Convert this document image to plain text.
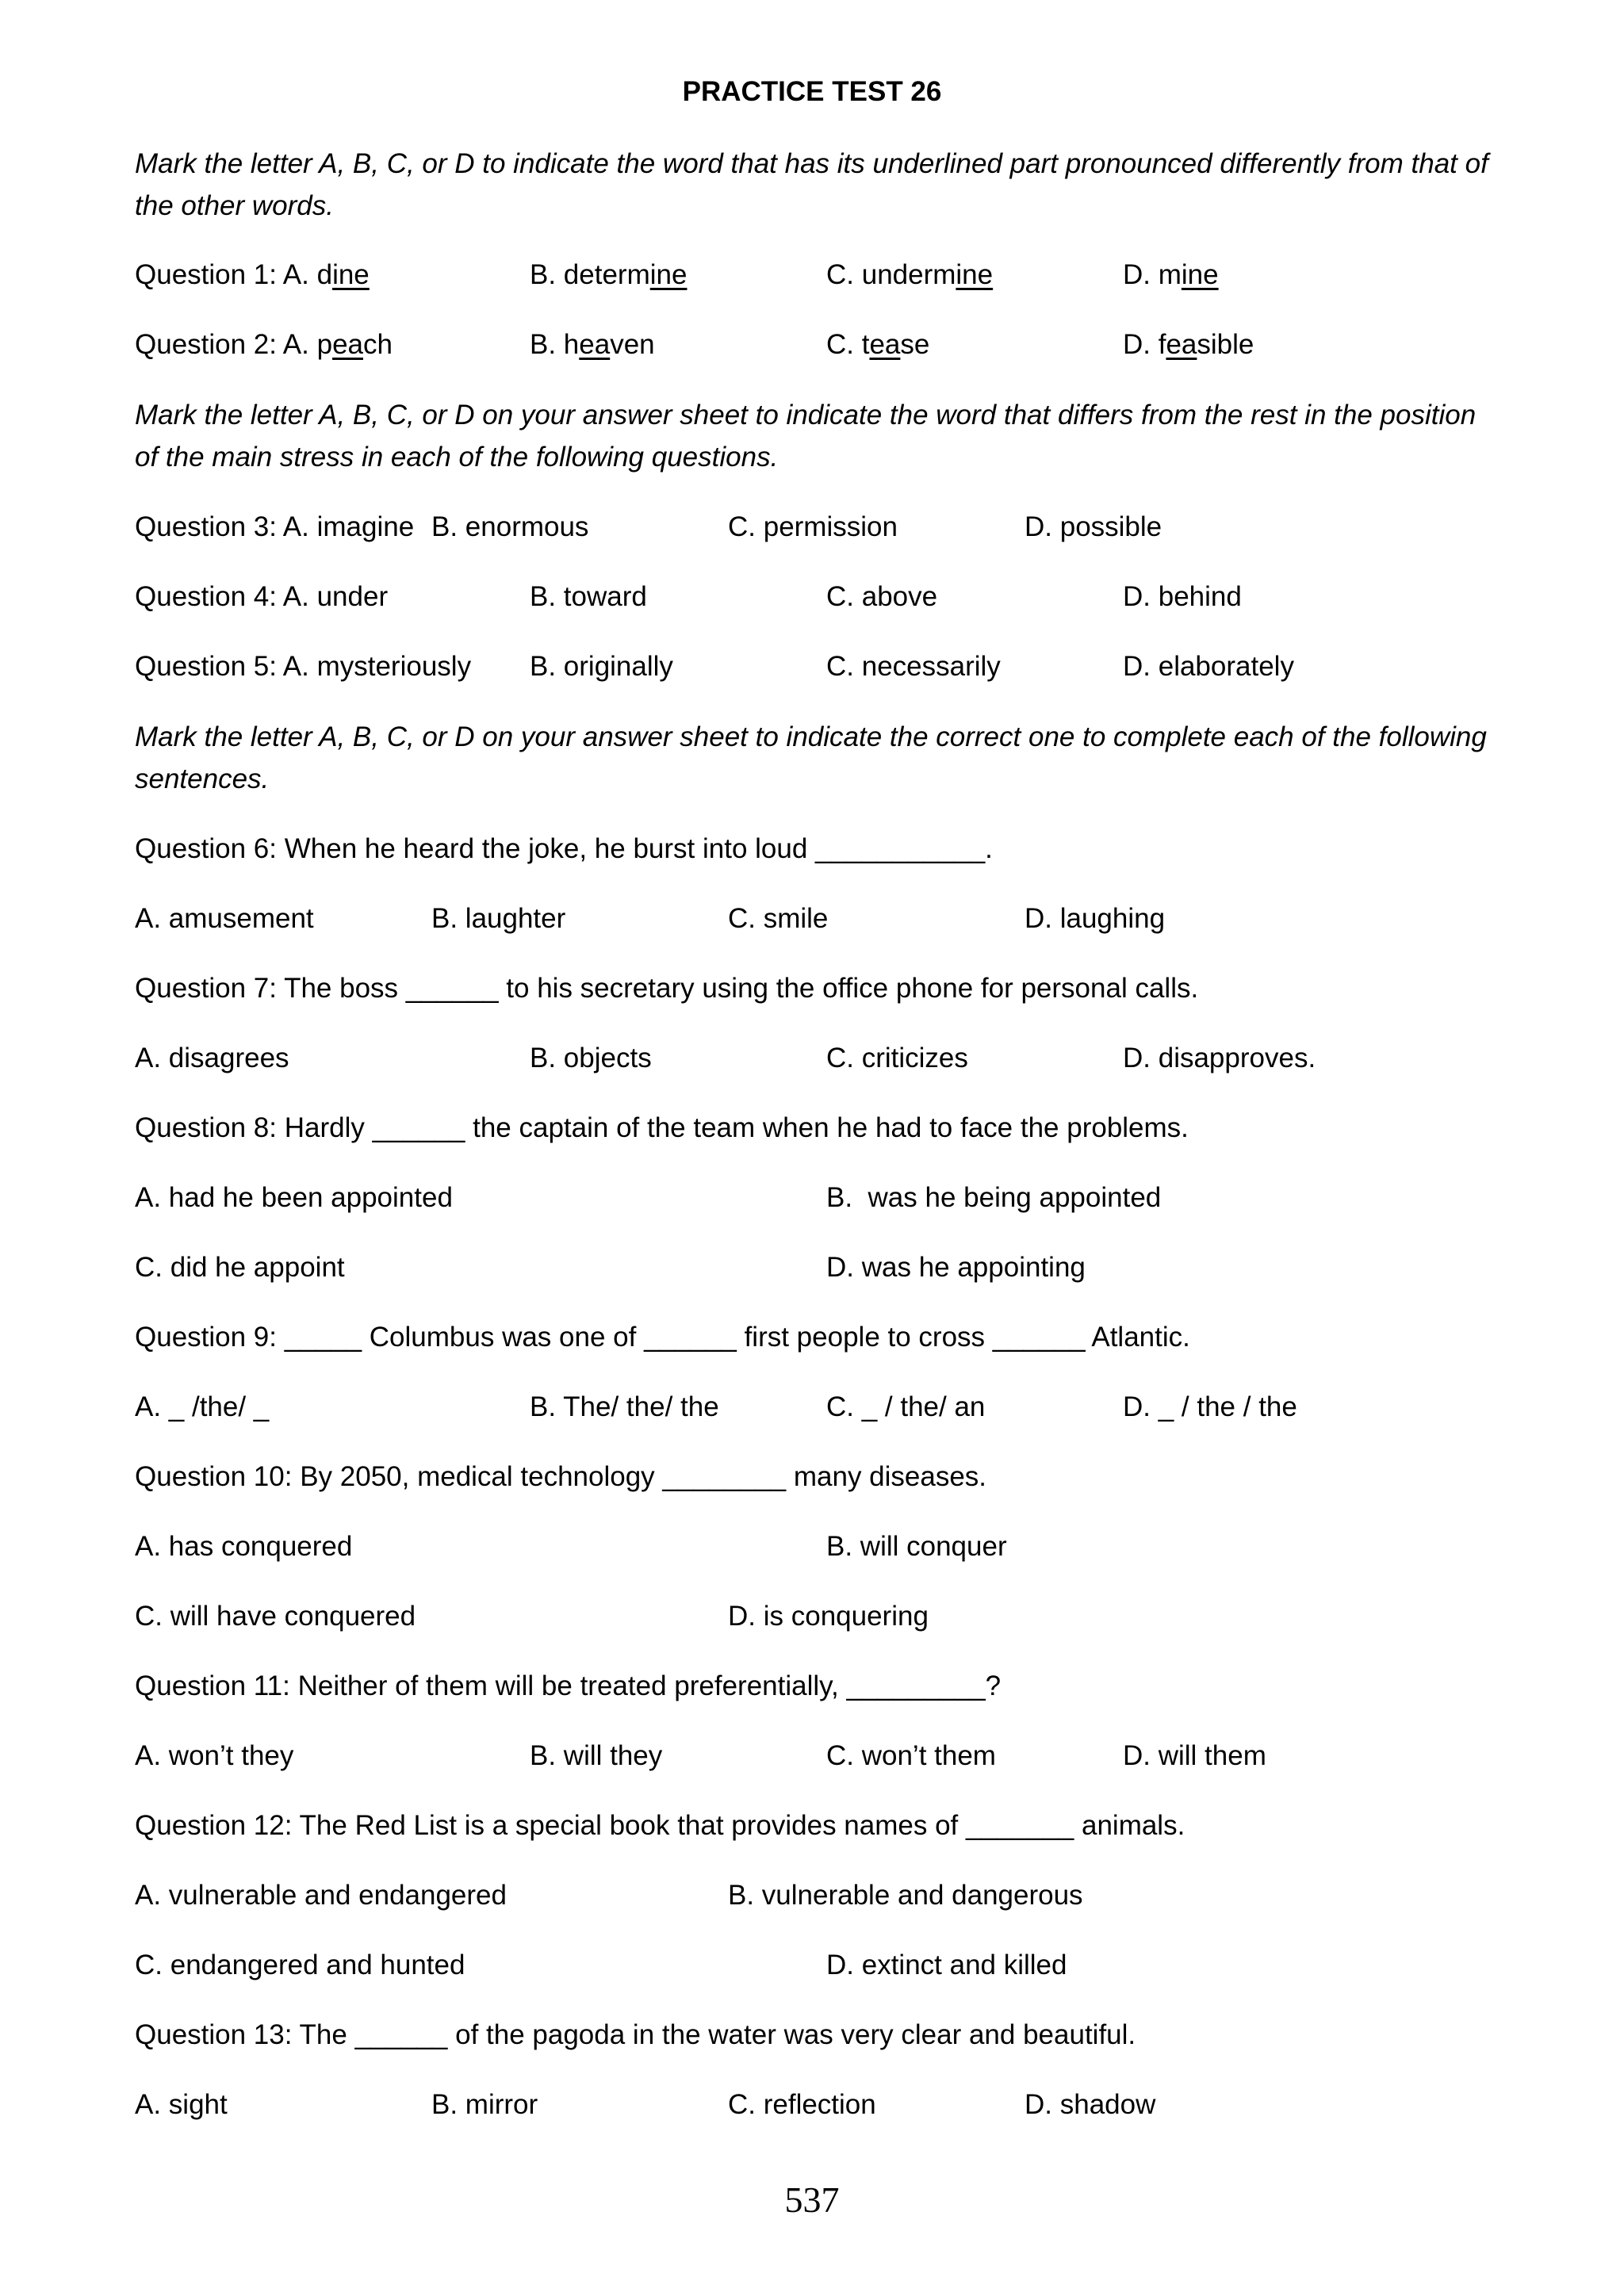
PRACTICE TEST 26
Mark the letter A, B, C, or D to indicate the word that has its underlined part pronounced differently from that of the other words.
Question 1: A. dine	B. determine	C. undermine	D. mine
Question 2: A. peach	B. heaven	C. tease	D. feasible
Mark the letter A, B, C, or D on your answer sheet to indicate the word that differs from the rest in the position of the main stress in each of the following questions.
Question 3: A. imagine B. enormous	C. permission	D. possible
Question 4: A. under	B. toward	C. above	D. behind
Question 5: A. mysteriously B. originally	C. necessarily	D. elaborately
Mark the letter A, B, C, or D on your answer sheet to indicate the correct one to complete each of the following sentences.
Question 6: When he heard the joke, he burst into loud ___________.
A. amusement	B. laughter	C. smile	D. laughing
Question 7: The boss ______ to his secretary using the office phone for personal calls.
A. disagrees	B. objects	C. criticizes	D. disapproves.
Question 8: Hardly ______ the captain of the team when he had to face the problems.
A. had he been appointed	B.  was he being appointed
C. did he appoint	D. was he appointing
Question 9: _____ Columbus was one of ______ first people to cross ______ Atlantic.
A. _ /the/ _	B. The/ the/ the	C. _ / the/ an	D. _ / the / the
Question 10: By 2050, medical technology ________ many diseases.
A. has conquered	B. will conquer
C. will have conquered	D. is conquering
Question 11: Neither of them will be treated preferentially, _________?
A. won’t they	B. will they	C. won’t them	D. will them
Question 12: The Red List is a special book that provides names of _______ animals.
A. vulnerable and endangered	B. vulnerable and dangerous
C. endangered and hunted	D. extinct and killed
Question 13: The ______ of the pagoda in the water was very clear and beautiful.
A. sight	B. mirror	C. reflection	D. shadow
537
